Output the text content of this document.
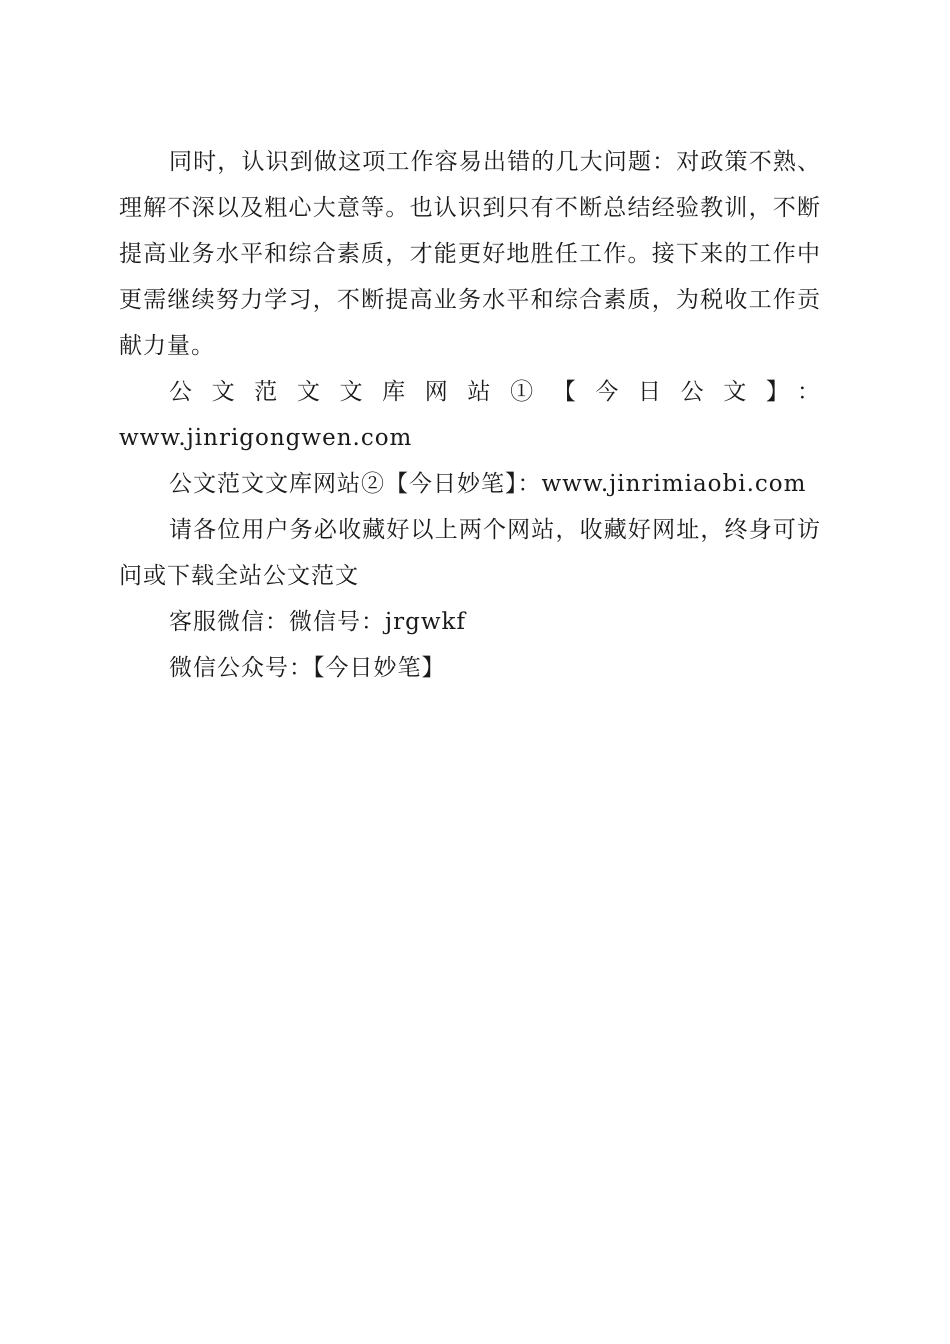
同时，认识到做这项工作容易出错的几大问题：对政策不熟、理解不深以及粗心大意等。也认识到只有不断总结经验教训，不断提高业务水平和综合素质，才能更好地胜任工作。接下来的工作中更需继续努力学习，不断提高业务水平和综合素质，为税收工作贡献力量。

公文范文文库网站①【今日公文】：
www.jinrigongwen.com

公文范文文库网站②【今日妙笔】：www.jinrimiaobi.com

请各位用户务必收藏好以上两个网站，收藏好网址，终身可访问或下载全站公文范文

客服微信：微信号：jrgwkf

微信公众号：【今日妙笔】
